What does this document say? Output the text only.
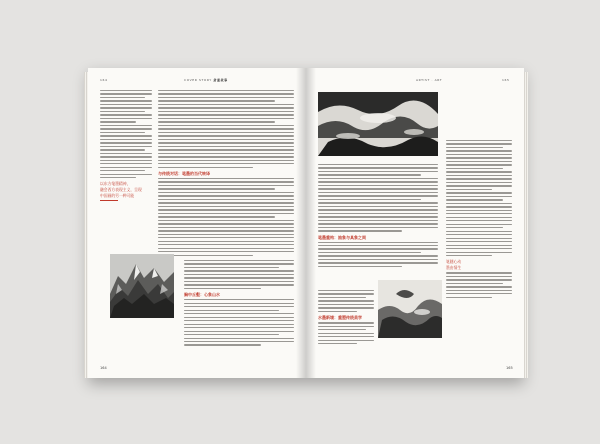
164	COVER STORY 封面故事
以东方笔墨精神，
融会西方表现主义，呈现
中国画的另一种可能
与传统对话：笔墨的当代转译
胸中丘壑：心象山水
164
ARTIST · ART	165
笔随心动
墨由情生
笔墨重构：抽象与具象之间
水墨新境：重塑传统美学
165
